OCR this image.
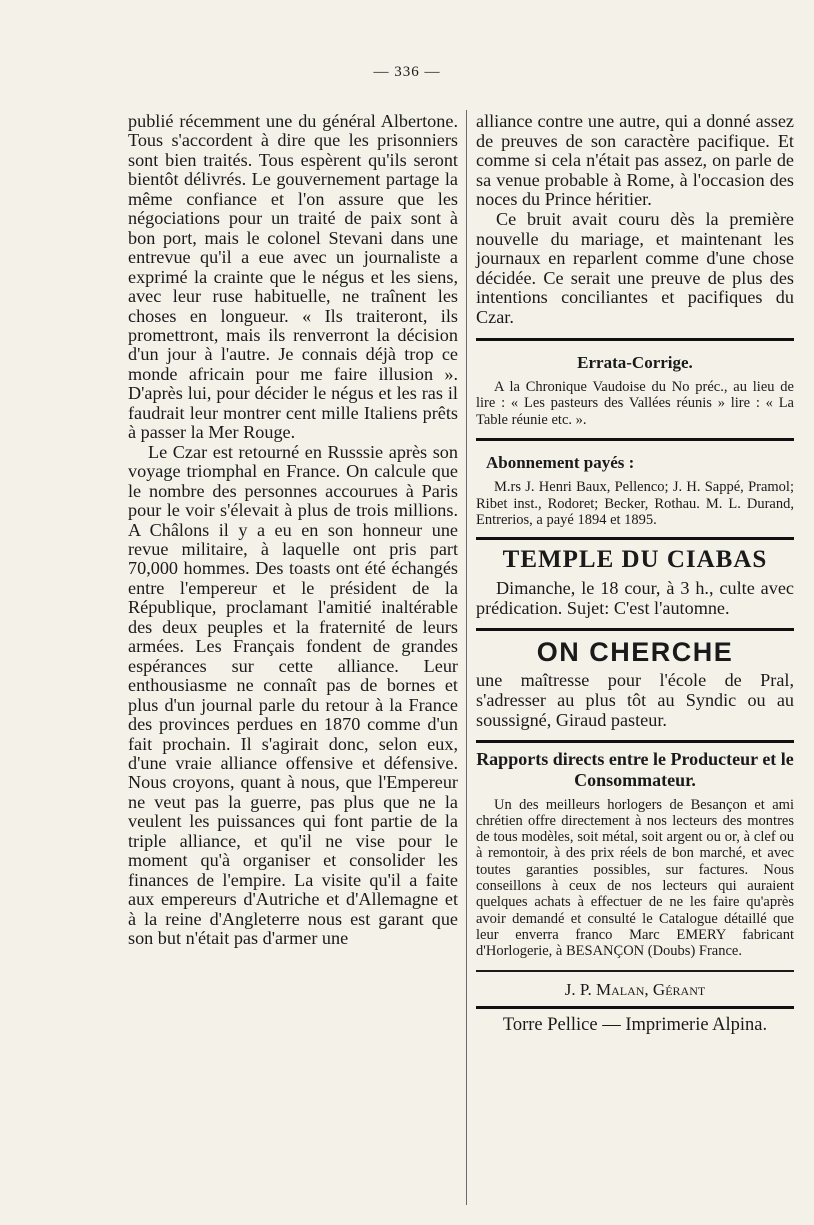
— 336 —

publié récemment une du général Albertone. Tous s'accordent à dire que les prisonniers sont bien traités. Tous espèrent qu'ils seront bientôt délivrés. Le gouvernement partage la même confiance et l'on assure que les négociations pour un traité de paix sont à bon port, mais le colonel Stevani dans une entrevue qu'il a eue avec un journaliste a exprimé la crainte que le négus et les siens, avec leur ruse habituelle, ne traînent les choses en longueur. « Ils traiteront, ils promettront, mais ils renverront la décision d'un jour à l'autre. Je connais déjà trop ce monde africain pour me faire illusion ». D'après lui, pour décider le négus et les ras il faudrait leur montrer cent mille Italiens prêts à passer la Mer Rouge.

Le Czar est retourné en Russsie après son voyage triomphal en France. On calcule que le nombre des personnes accourues à Paris pour le voir s'élevait à plus de trois millions. A Châlons il y a eu en son honneur une revue militaire, à laquelle ont pris part 70,000 hommes. Des toasts ont été échangés entre l'empereur et le président de la République, proclamant l'amitié inaltérable des deux peuples et la fraternité de leurs armées. Les Français fondent de grandes espérances sur cette alliance. Leur enthousiasme ne connaît pas de bornes et plus d'un journal parle du retour à la France des provinces perdues en 1870 comme d'un fait prochain. Il s'agirait donc, selon eux, d'une vraie alliance offensive et défensive. Nous croyons, quant à nous, que l'Empereur ne veut pas la guerre, pas plus que ne la veulent les puissances qui font partie de la triple alliance, et qu'il ne vise pour le moment qu'à organiser et consolider les finances de l'empire. La visite qu'il a faite aux empereurs d'Autriche et d'Allemagne et à la reine d'Angleterre nous est garant que son but n'était pas d'armer une

alliance contre une autre, qui a donné assez de preuves de son caractère pacifique. Et comme si cela n'était pas assez, on parle de sa venue probable à Rome, à l'occasion des noces du Prince héritier.

Ce bruit avait couru dès la première nouvelle du mariage, et maintenant les journaux en reparlent comme d'une chose décidée. Ce serait une preuve de plus des intentions conciliantes et pacifiques du Czar.

Errata-Corrige.
A la Chronique Vaudoise du No préc., au lieu de lire : « Les pasteurs des Vallées réunis » lire : « La Table réunie etc. ».
Abonnement payés :
M.rs J. Henri Baux, Pellenco; J. H. Sappé, Pramol; Ribet inst., Rodoret; Becker, Rothau. M. L. Durand, Entrerios, a payé 1894 et 1895.
TEMPLE DU CIABAS
Dimanche, le 18 cour, à 3 h., culte avec prédication. Sujet: C'est l'automne.
ON CHERCHE
une maîtresse pour l'école de Pral, s'adresser au plus tôt au Syndic ou au soussigné, Giraud pasteur.
Rapports directs entre le Producteur et le Consommateur.
Un des meilleurs horlogers de Besançon et ami chrétien offre directement à nos lecteurs des montres de tous modèles, soit métal, soit argent ou or, à clef ou à remontoir, à des prix réels de bon marché, et avec toutes garanties possibles, sur factures. Nous conseillons à ceux de nos lecteurs qui auraient quelques achats à effectuer de ne les faire qu'après avoir demandé et consulté le Catalogue détaillé que leur enverra franco Marc EMERY fabricant d'Horlogerie, à BESANÇON (Doubs) France.
J. P. Malan, Gérant
Torre Pellice — Imprimerie Alpina.
